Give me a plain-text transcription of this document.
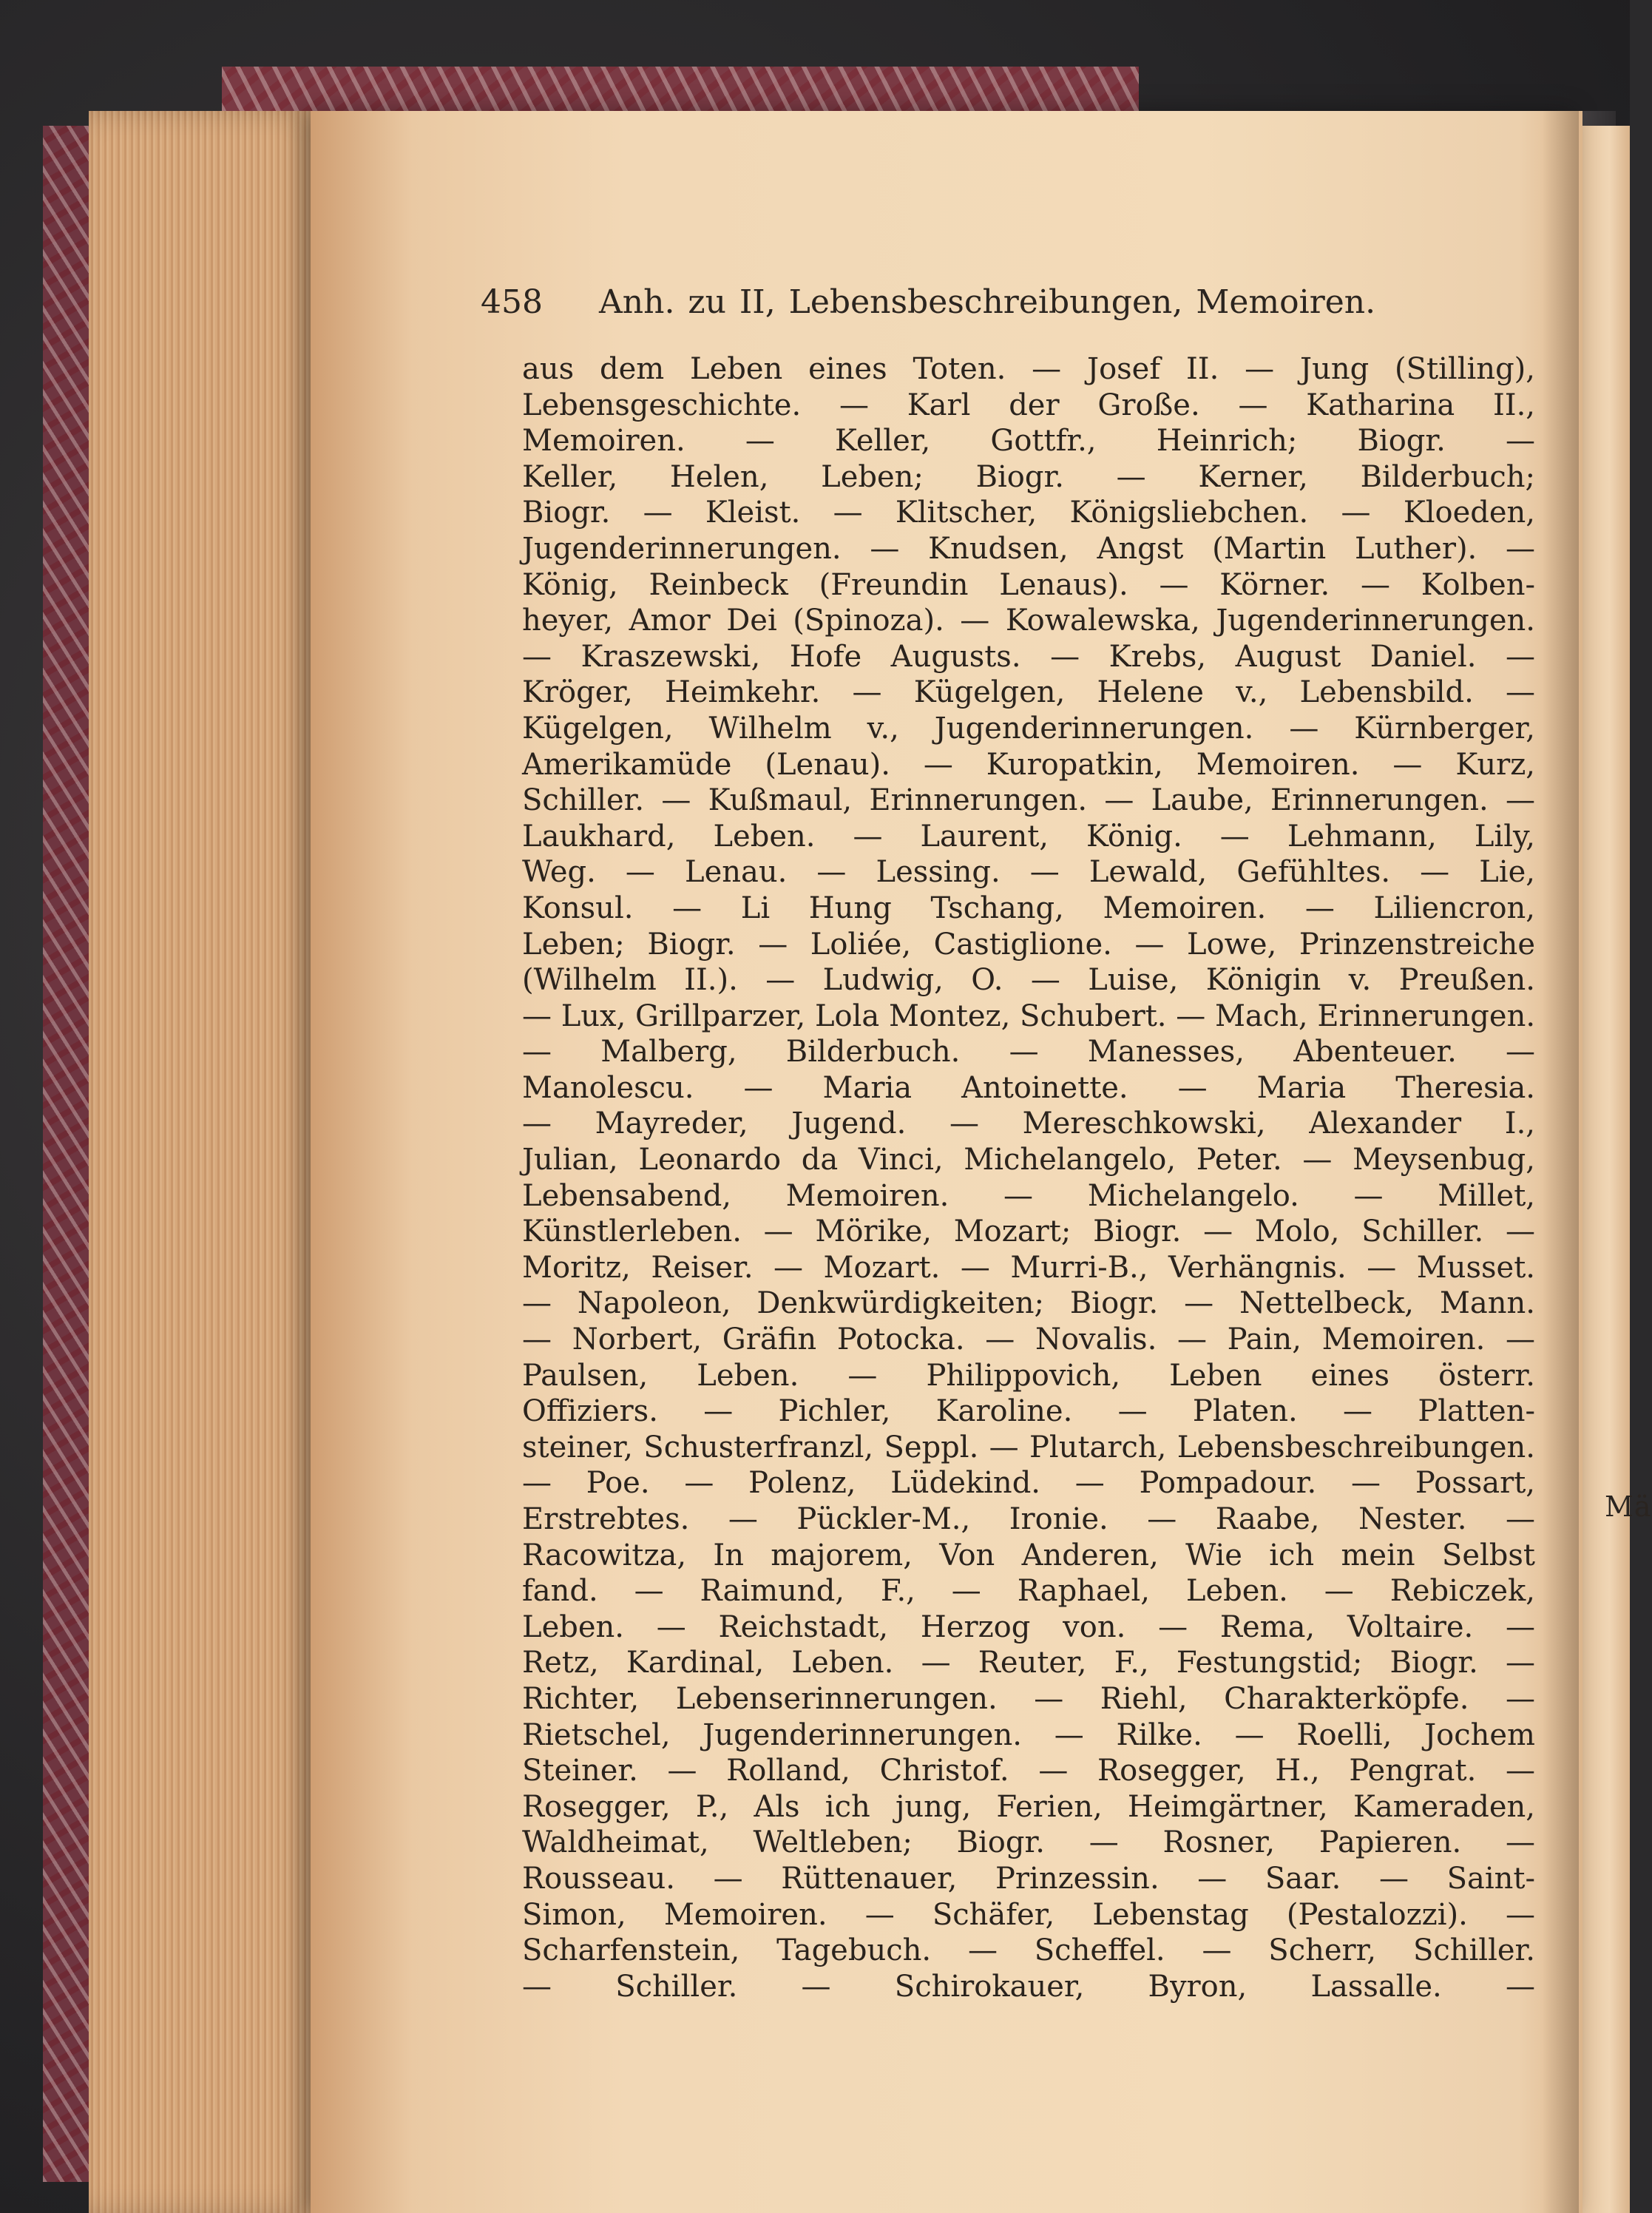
Mä
458 Anh. zu II, Lebensbeschreibungen, Memoiren.
aus dem Leben eines Toten. — Josef II. — Jung (Stilling),
Lebensgeschichte. — Karl der Große. — Katharina II.,
Memoiren. — Keller, Gottfr., Heinrich; Biogr. —
Keller, Helen, Leben; Biogr. — Kerner, Bilderbuch;
Biogr. — Kleist. — Klitscher, Königsliebchen. — Kloeden,
Jugenderinnerungen. — Knudsen, Angst (Martin Luther). —
König, Reinbeck (Freundin Lenaus). — Körner. — Kolben-
heyer, Amor Dei (Spinoza). — Kowalewska, Jugenderinnerungen.
— Kraszewski, Hofe Augusts. — Krebs, August Daniel. —
Kröger, Heimkehr. — Kügelgen, Helene v., Lebensbild. —
Kügelgen, Wilhelm v., Jugenderinnerungen. — Kürnberger,
Amerikamüde (Lenau). — Kuropatkin, Memoiren. — Kurz,
Schiller. — Kußmaul, Erinnerungen. — Laube, Erinnerungen. —
Laukhard, Leben. — Laurent, König. — Lehmann, Lily,
Weg. — Lenau. — Lessing. — Lewald, Gefühltes. — Lie,
Konsul. — Li Hung Tschang, Memoiren. — Liliencron,
Leben; Biogr. — Loliée, Castiglione. — Lowe, Prinzenstreiche
(Wilhelm II.). — Ludwig, O. — Luise, Königin v. Preußen.
— Lux, Grillparzer, Lola Montez, Schubert. — Mach, Erinnerungen.
— Malberg, Bilderbuch. — Manesses, Abenteuer. —
Manolescu. — Maria Antoinette. — Maria Theresia.
— Mayreder, Jugend. — Mereschkowski, Alexander I.,
Julian, Leonardo da Vinci, Michelangelo, Peter. — Meysenbug,
Lebensabend, Memoiren. — Michelangelo. — Millet,
Künstlerleben. — Mörike, Mozart; Biogr. — Molo, Schiller. —
Moritz, Reiser. — Mozart. — Murri-B., Verhängnis. — Musset.
— Napoleon, Denkwürdigkeiten; Biogr. — Nettelbeck, Mann.
— Norbert, Gräfin Potocka. — Novalis. — Pain, Memoiren. —
Paulsen, Leben. — Philippovich, Leben eines österr.
Offiziers. — Pichler, Karoline. — Platen. — Platten-
steiner, Schusterfranzl, Seppl. — Plutarch, Lebensbeschreibungen.
— Poe. — Polenz, Lüdekind. — Pompadour. — Possart,
Erstrebtes. — Pückler-M., Ironie. — Raabe, Nester. —
Racowitza, In majorem, Von Anderen, Wie ich mein Selbst
fand. — Raimund, F., — Raphael, Leben. — Rebiczek,
Leben. — Reichstadt, Herzog von. — Rema, Voltaire. —
Retz, Kardinal, Leben. — Reuter, F., Festungstid; Biogr. —
Richter, Lebenserinnerungen. — Riehl, Charakterköpfe. —
Rietschel, Jugenderinnerungen. — Rilke. — Roelli, Jochem
Steiner. — Rolland, Christof. — Rosegger, H., Pengrat. —
Rosegger, P., Als ich jung, Ferien, Heimgärtner, Kameraden,
Waldheimat, Weltleben; Biogr. — Rosner, Papieren. —
Rousseau. — Rüttenauer, Prinzessin. — Saar. — Saint-
Simon, Memoiren. — Schäfer, Lebenstag (Pestalozzi). —
Scharfenstein, Tagebuch. — Scheffel. — Scherr, Schiller.
— Schiller. — Schirokauer, Byron, Lassalle. —
